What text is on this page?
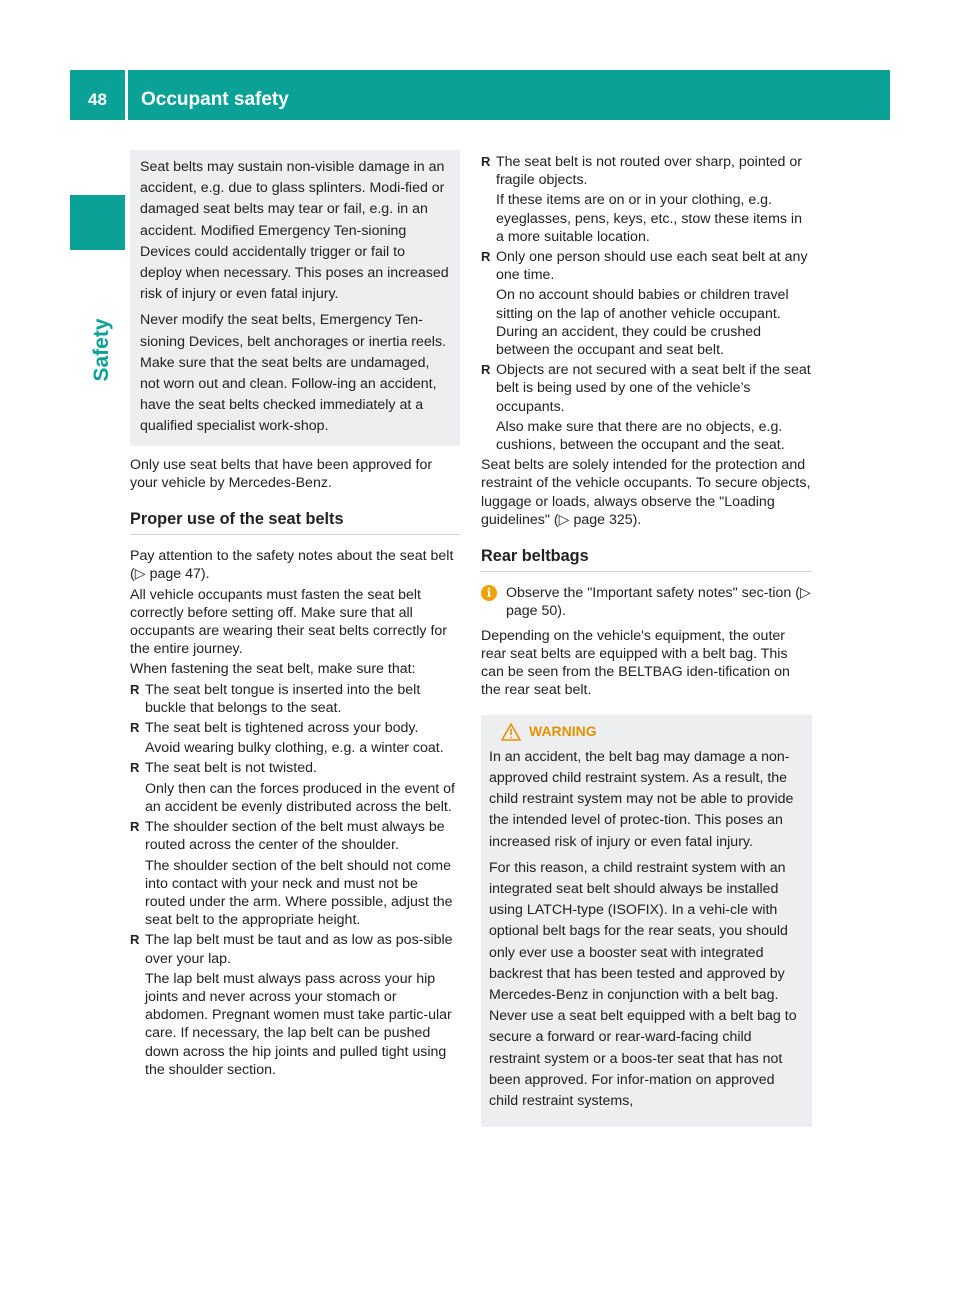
48	Occupant safety
Safety

Seat belts may sustain non-visible damage in an accident, e.g. due to glass splinters. Modi-fied or damaged seat belts may tear or fail, e.g. in an accident. Modified Emergency Ten-sioning Devices could accidentally trigger or fail to deploy when necessary. This poses an increased risk of injury or even fatal injury.

Never modify the seat belts, Emergency Ten-sioning Devices, belt anchorages or inertia reels. Make sure that the seat belts are undamaged, not worn out and clean. Follow-ing an accident, have the seat belts checked immediately at a qualified specialist work-shop.

Only use seat belts that have been approved for your vehicle by Mercedes-Benz.

Proper use of the seat belts

Pay attention to the safety notes about the seat belt (▷ page 47).

All vehicle occupants must fasten the seat belt correctly before setting off. Make sure that all occupants are wearing their seat belts correctly for the entire journey.

When fastening the seat belt, make sure that:

R The seat belt tongue is inserted into the belt buckle that belongs to the seat.

R The seat belt is tightened across your body.

Avoid wearing bulky clothing, e.g. a winter coat.

R The seat belt is not twisted.

Only then can the forces produced in the event of an accident be evenly distributed across the belt.

R The shoulder section of the belt must always be routed across the center of the shoulder.

The shoulder section of the belt should not come into contact with your neck and must not be routed under the arm. Where possible, adjust the seat belt to the appropriate height.

R The lap belt must be taut and as low as pos-sible over your lap.

The lap belt must always pass across your hip joints and never across your stomach or abdomen. Pregnant women must take partic-ular care. If necessary, the lap belt can be pushed down across the hip joints and pulled tight using the shoulder section.

R The seat belt is not routed over sharp, pointed or fragile objects.

If these items are on or in your clothing, e.g. eyeglasses, pens, keys, etc., stow these items in a more suitable location.

R Only one person should use each seat belt at any one time.

On no account should babies or children travel sitting on the lap of another vehicle occupant. During an accident, they could be crushed between the occupant and seat belt.

R Objects are not secured with a seat belt if the seat belt is being used by one of the vehicle’s occupants.

Also make sure that there are no objects, e.g. cushions, between the occupant and the seat.

Seat belts are solely intended for the protection and restraint of the vehicle occupants. To secure objects, luggage or loads, always observe the "Loading guidelines" (▷ page 325).

Rear beltbags
i	Observe the "Important safety notes" sec-tion (▷ page 50).

Depending on the vehicle's equipment, the outer rear seat belts are equipped with a belt bag. This can be seen from the BELTBAG iden-tification on the rear seat belt.

WARNING

In an accident, the belt bag may damage a non-approved child restraint system. As a result, the child restraint system may not be able to provide the intended level of protec-tion. This poses an increased risk of injury or even fatal injury.

For this reason, a child restraint system with an integrated seat belt should always be installed using LATCH-type (ISOFIX). In a vehi-cle with optional belt bags for the rear seats, you should only ever use a booster seat with integrated backrest that has been tested and approved by Mercedes-Benz in conjunction with a belt bag. Never use a seat belt equipped with a belt bag to secure a forward or rear-ward-facing child restraint system or a boos-ter seat that has not been approved. For infor-mation on approved child restraint systems,
